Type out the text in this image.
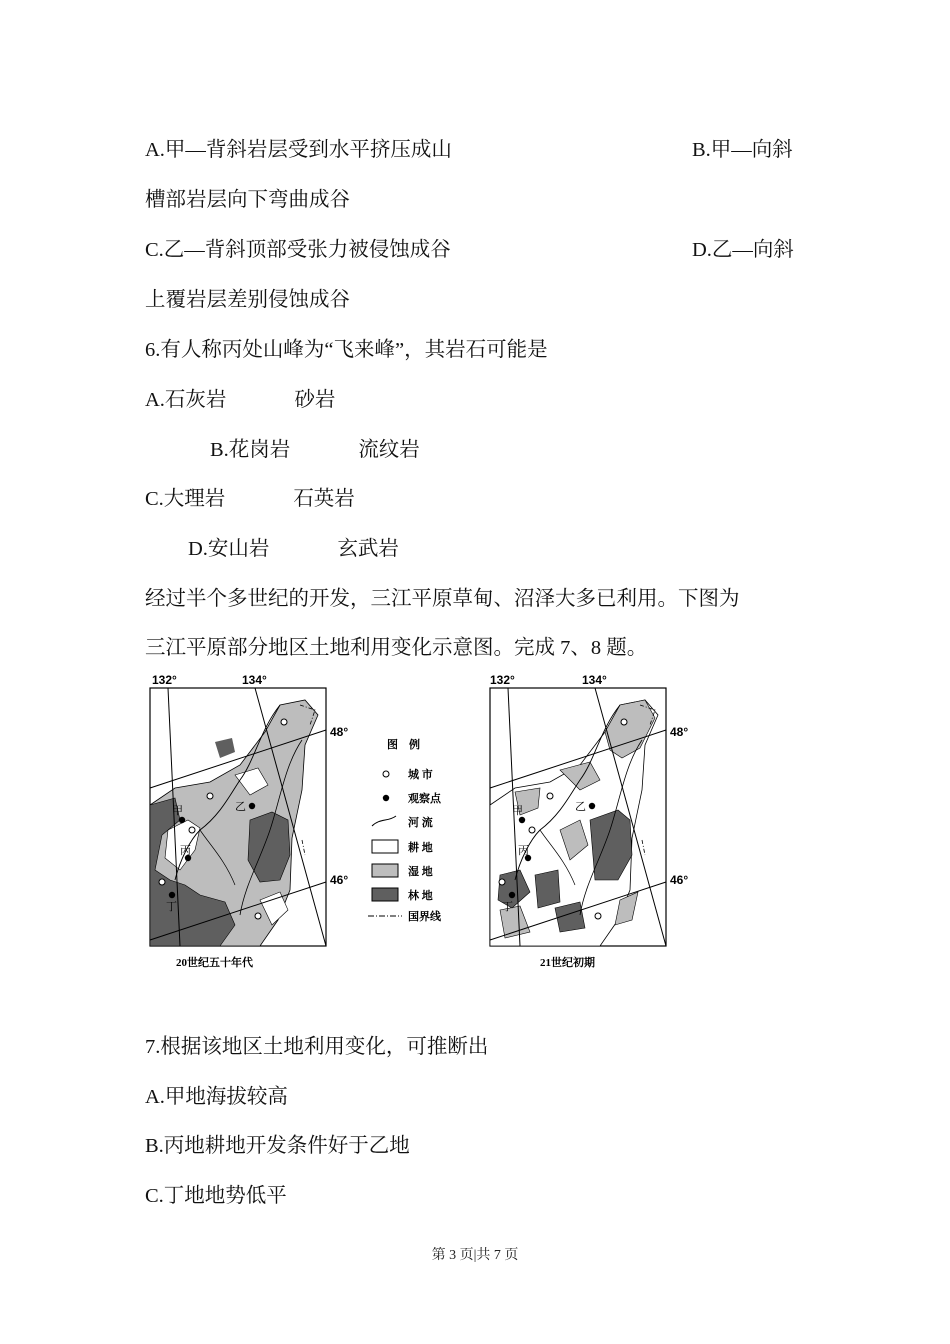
A.甲—背斜岩层受到水平挤压成山	B.甲—向斜
槽部岩层向下弯曲成谷
C.乙—背斜顶部受张力被侵蚀成谷	D.乙—向斜
上覆岩层差别侵蚀成谷
6.有人称丙处山峰为“飞来峰”，其岩石可能是
A.石灰岩	砂岩
B.花岗岩	流纹岩
C.大理岩	石英岩
D.安山岩	玄武岩
经过半个多世纪的开发，三江平原草甸、沼泽大多已利用。下图为
三江平原部分地区土地利用变化示意图。完成 7、8 题。
132°	134°
48°
46°
甲	乙
丙
丁
20世纪五十年代
图　例
城 市
观察点
河 流
耕 地
湿 地
林 地
国界线
132°	134°
48°
46°
甲	乙
丙
丁
21世纪初期
7.根据该地区土地利用变化，可推断出
A.甲地海拔较高
B.丙地耕地开发条件好于乙地
C.丁地地势低平
第 3 页|共 7 页
